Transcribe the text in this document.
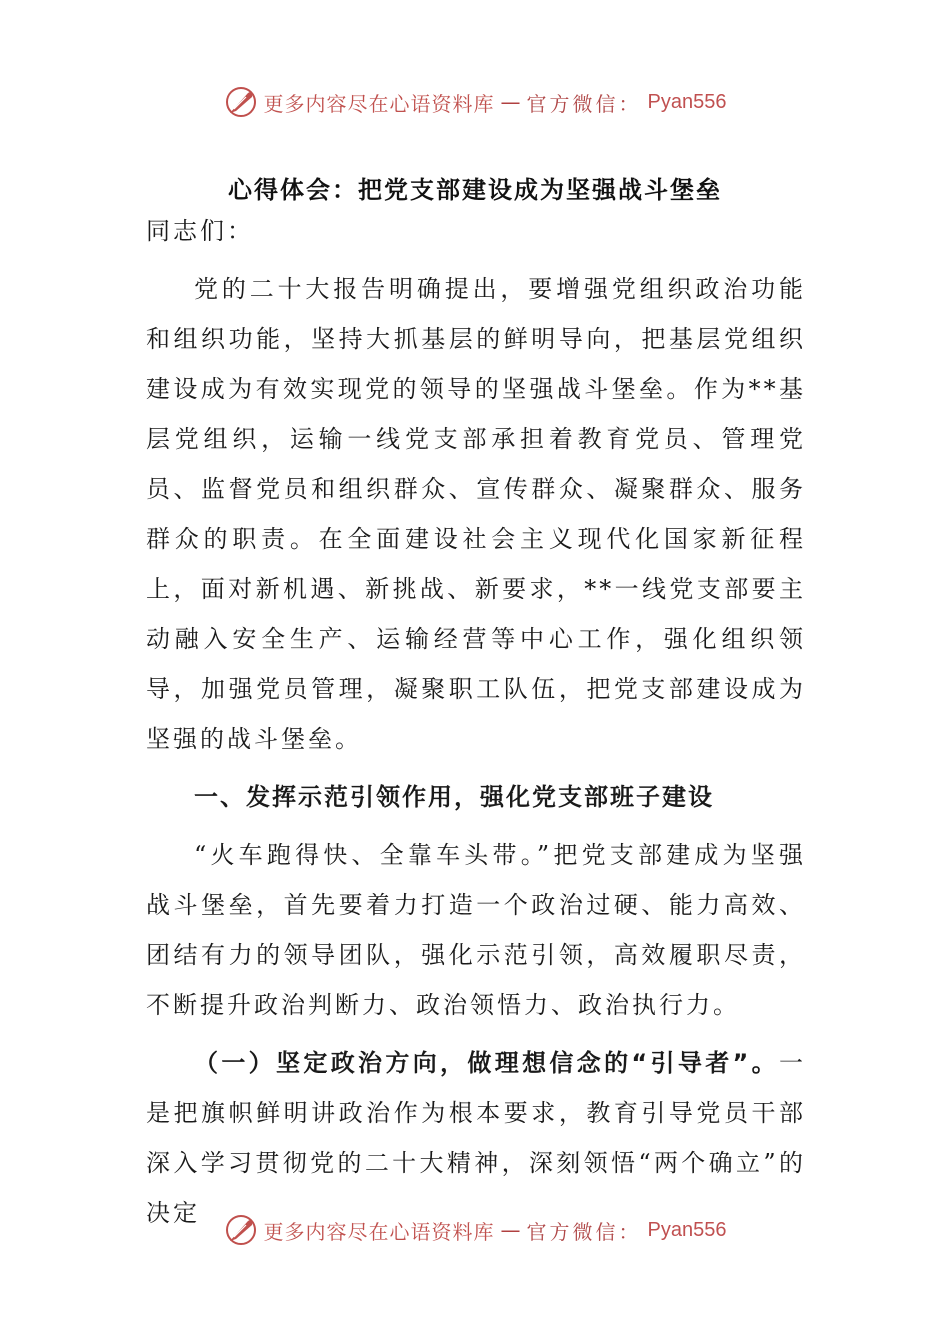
更多内容尽在心语资料库 — 官方微信： Pyan556
心得体会：把党支部建设成为坚强战斗堡垒

同志们：

党的二十大报告明确提出，要增强党组织政治功能和组织功能，坚持大抓基层的鲜明导向，把基层党组织建设成为有效实现党的领导的坚强战斗堡垒。作为**基层党组织，运输一线党支部承担着教育党员、管理党员、监督党员和组织群众、宣传群众、凝聚群众、服务群众的职责。在全面建设社会主义现代化国家新征程上，面对新机遇、新挑战、新要求，**一线党支部要主动融入安全生产、运输经营等中心工作，强化组织领导，加强党员管理，凝聚职工队伍，把党支部建设成为坚强的战斗堡垒。

一、发挥示范引领作用，强化党支部班子建设

“火车跑得快、全靠车头带。”把党支部建成为坚强战斗堡垒，首先要着力打造一个政治过硬、能力高效、团结有力的领导团队，强化示范引领，高效履职尽责，不断提升政治判断力、政治领悟力、政治执行力。

（一）坚定政治方向，做理想信念的“引导者”。一是把旗帜鲜明讲政治作为根本要求，教育引导党员干部深入学习贯彻党的二十大精神，深刻领悟“两个确立”的决定

更多内容尽在心语资料库 — 官方微信： Pyan556
